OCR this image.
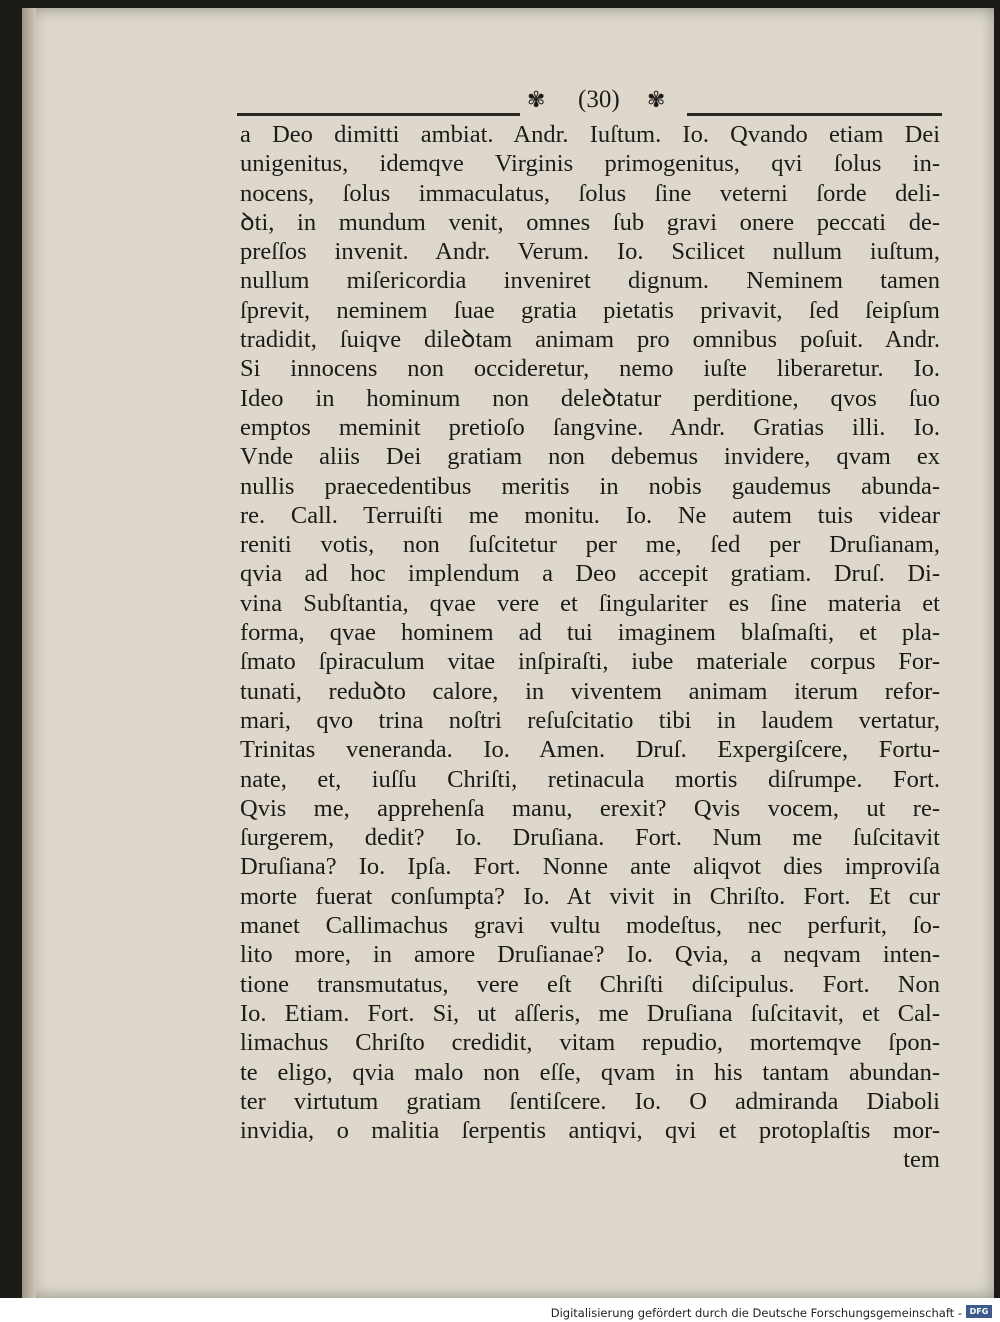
✾ (30) ✾
a Deo dimitti ambiat. Andr. Iuſtum. Io. Qvando etiam Dei
unigenitus, idemqve Virginis primogenitus, qvi ſolus in-
nocens, ſolus immaculatus, ſolus ſine veterni ſorde deli-
ꝺti, in mundum venit, omnes ſub gravi onere peccati de-
preſſos invenit. Andr. Verum. Io. Scilicet nullum iuſtum,
nullum miſericordia inveniret dignum. Neminem tamen
ſprevit, neminem ſuae gratia pietatis privavit, ſed ſeipſum
tradidit, ſuiqve dileꝺtam animam pro omnibus poſuit. Andr.
Si innocens non occideretur, nemo iuſte liberaretur. Io.
Ideo in hominum non deleꝺtatur perditione, qvos ſuo
emptos meminit pretioſo ſangvine. Andr. Gratias illi. Io.
Vnde aliis Dei gratiam non debemus invidere, qvam ex
nullis praecedentibus meritis in nobis gaudemus abunda-
re. Call. Terruiſti me monitu. Io. Ne autem tuis videar
reniti votis, non ſuſcitetur per me, ſed per Druſianam,
qvia ad hoc implendum a Deo accepit gratiam. Druſ. Di-
vina Subſtantia, qvae vere et ſingulariter es ſine materia et
forma, qvae hominem ad tui imaginem blaſmaſti, et pla-
ſmato ſpiraculum vitae inſpiraſti, iube materiale corpus For-
tunati, reduꝺto calore, in viventem animam iterum refor-
mari, qvo trina noſtri reſuſcitatio tibi in laudem vertatur,
Trinitas veneranda. Io. Amen. Druſ. Expergiſcere, Fortu-
nate, et, iuſſu Chriſti, retinacula mortis diſrumpe. Fort.
Qvis me, apprehenſa manu, erexit? Qvis vocem, ut re-
ſurgerem, dedit? Io. Druſiana. Fort. Num me ſuſcitavit
Druſiana? Io. Ipſa. Fort. Nonne ante aliqvot dies improviſa
morte fuerat conſumpta? Io. At vivit in Chriſto. Fort. Et cur
manet Callimachus gravi vultu modeſtus, nec perfurit, ſo-
lito more, in amore Druſianae? Io. Qvia, a neqvam inten-
tione transmutatus, vere eſt Chriſti diſcipulus. Fort. Non
Io. Etiam. Fort. Si, ut aſſeris, me Druſiana ſuſcitavit, et Cal-
limachus Chriſto credidit, vitam repudio, mortemqve ſpon-
te eligo, qvia malo non eſſe, qvam in his tantam abundan-
ter virtutum gratiam ſentiſcere. Io. O admiranda Diaboli
invidia, o malitia ſerpentis antiqvi, qvi et protoplaſtis mor-
tem
Digitalisierung gefördert durch die Deutsche Forschungsgemeinschaft - DFG
